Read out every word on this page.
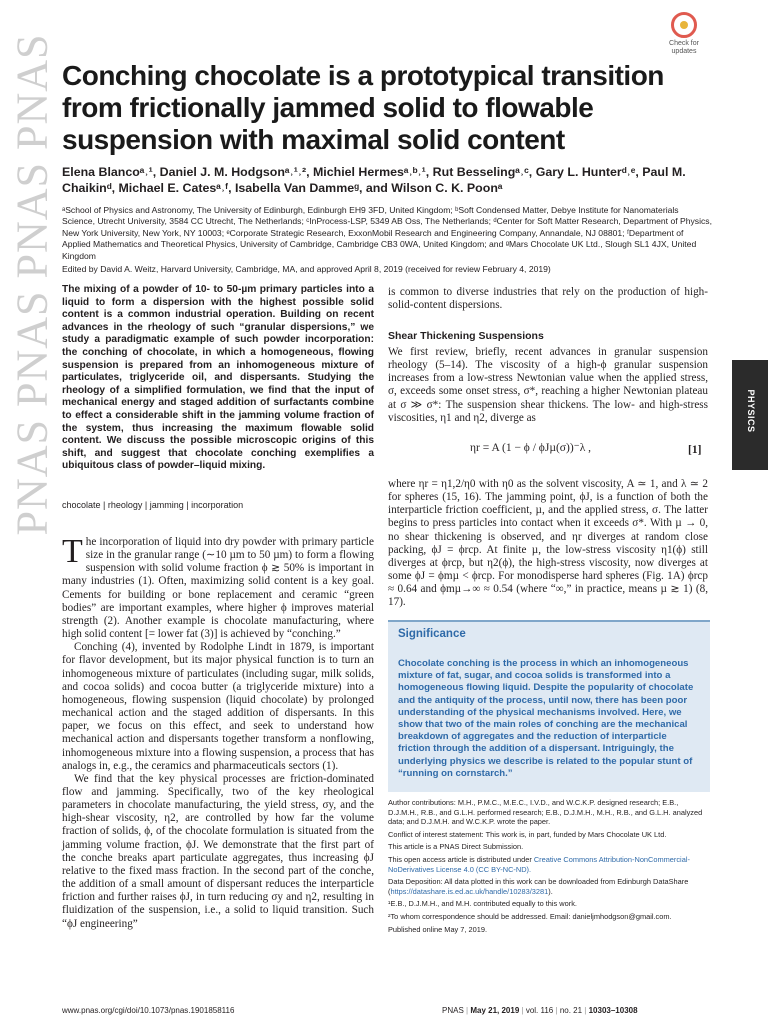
PNAS PNAS PNAS PNAS	Check for updates
Conching chocolate is a prototypical transition from frictionally jammed solid to flowable suspension with maximal solid content
Elena Blancoᵃ˒¹, Daniel J. M. Hodgsonᵃ˒¹˒², Michiel Hermesᵃ˒ᵇ˒¹, Rut Besselingᵃ˒ᶜ, Gary L. Hunterᵈ˒ᵉ, Paul M. Chaikinᵈ, Michael E. Catesᵃ˒ᶠ, Isabella Van Dammeᵍ, and Wilson C. K. Poonᵃ
ᵃSchool of Physics and Astronomy, The University of Edinburgh, Edinburgh EH9 3FD, United Kingdom; ᵇSoft Condensed Matter, Debye Institute for Nanomaterials Science, Utrecht University, 3584 CC Utrecht, The Netherlands; ᶜInProcess-LSP, 5349 AB Oss, The Netherlands; ᵈCenter for Soft Matter Research, Department of Physics, New York University, New York, NY 10003; ᵉCorporate Strategic Research, ExxonMobil Research and Engineering Company, Annandale, NJ 08801; ᶠDepartment of Applied Mathematics and Theoretical Physics, University of Cambridge, Cambridge CB3 0WA, United Kingdom; and ᵍMars Chocolate UK Ltd., Slough SL1 4JX, United Kingdom
Edited by David A. Weitz, Harvard University, Cambridge, MA, and approved April 8, 2019 (received for review February 4, 2019)
The mixing of a powder of 10- to 50-µm primary particles into a liquid to form a dispersion with the highest possible solid content is a common industrial operation. Building on recent advances in the rheology of such “granular dispersions,” we study a paradigmatic example of such powder incorporation: the conching of chocolate, in which a homogeneous, flowing suspension is prepared from an inhomogeneous mixture of particulates, triglyceride oil, and dispersants. Studying the rheology of a simplified formulation, we find that the input of mechanical energy and staged addition of surfactants combine to effect a considerable shift in the jamming volume fraction of the system, thus increasing the maximum flowable solid content. We discuss the possible microscopic origins of this shift, and suggest that chocolate conching exemplifies a ubiquitous class of powder–liquid mixing.
chocolate | rheology | jamming | incorporation

The incorporation of liquid into dry powder with primary particle size in the granular range (∼10 µm to 50 µm) to form a flowing suspension with solid volume fraction ϕ ≳ 50% is important in many industries (1). Often, maximizing solid content is a key goal. Cements for building or bone replacement and ceramic “green bodies” are important examples, where higher ϕ improves material strength (2). Another example is chocolate manufacturing, where high solid content [= lower fat (3)] is achieved by “conching.”

Conching (4), invented by Rodolphe Lindt in 1879, is important for flavor development, but its major physical function is to turn an inhomogeneous mixture of particulates (including sugar, milk solids, and cocoa solids) and cocoa butter (a triglyceride mixture) into a homogeneous, flowing suspension (liquid chocolate) by prolonged mechanical action and the staged addition of dispersants. In this paper, we focus on this effect, and seek to understand how mechanical action and dispersants together transform a nonflowing, inhomogeneous mixture into a flowing suspension, a process that has analogs in, e.g., the ceramics and pharmaceuticals sectors (1).

We find that the key physical processes are friction-dominated flow and jamming. Specifically, two of the key rheological parameters in chocolate manufacturing, the yield stress, σy, and the high-shear viscosity, η2, are controlled by how far the volume fraction of solids, ϕ, of the chocolate formulation is situated from the jamming volume fraction, ϕJ. We demonstrate that the first part of the conche breaks apart particulate aggregates, thus increasing ϕJ relative to the fixed mass fraction. In the second part of the conche, the addition of a small amount of dispersant reduces the interparticle friction and further raises ϕJ, in turn reducing σy and η2, resulting in fluidization of the suspension, i.e., a solid to liquid transition. Such “ϕJ engineering”

is common to diverse industries that rely on the production of high-solid-content dispersions.
Shear Thickening Suspensions
We first review, briefly, recent advances in granular suspension rheology (5–14). The viscosity of a high-ϕ granular suspension increases from a low-stress Newtonian value when the applied stress, σ, exceeds some onset stress, σ*, reaching a higher Newtonian plateau at σ ≫ σ*: The suspension shear thickens. The low- and high-stress viscosities, η1 and η2, diverge as
ηr = A (1 − ϕ / ϕJµ(σ))⁻λ ,	[1]
where ηr = η1,2/η0 with η0 as the solvent viscosity, A ≃ 1, and λ ≃ 2 for spheres (15, 16). The jamming point, ϕJ, is a function of both the interparticle friction coefficient, µ, and the applied stress, σ. The latter begins to press particles into contact when it exceeds σ*. With µ → 0, no shear thickening is observed, and ηr diverges at random close packing, ϕJ = ϕrcp. At finite µ, the low-stress viscosity η1(ϕ) still diverges at ϕrcp, but η2(ϕ), the high-stress viscosity, now diverges at some ϕJ = ϕmµ < ϕrcp. For monodisperse hard spheres (Fig. 1A) ϕrcp ≈ 0.64 and ϕmµ→∞ ≈ 0.54 (where “∞,” in practice, means µ ≳ 1) (8, 17).
Significance
Chocolate conching is the process in which an inhomogeneous mixture of fat, sugar, and cocoa solids is transformed into a homogeneous flowing liquid. Despite the popularity of chocolate and the antiquity of the process, until now, there has been poor understanding of the physical mechanisms involved. Here, we show that two of the main roles of conching are the mechanical breakdown of aggregates and the reduction of interparticle friction through the addition of a dispersant. Intriguingly, the underlying physics we describe is related to the popular stunt of “running on cornstarch.”

Author contributions: M.H., P.M.C., M.E.C., I.V.D., and W.C.K.P. designed research; E.B., D.J.M.H., R.B., and G.L.H. performed research; E.B., D.J.M.H., M.H., R.B., and G.L.H. analyzed data; and D.J.M.H. and W.C.K.P. wrote the paper.

Conflict of interest statement: This work is, in part, funded by Mars Chocolate UK Ltd.

This article is a PNAS Direct Submission.

This open access article is distributed under Creative Commons Attribution-NonCommercial-NoDerivatives License 4.0 (CC BY-NC-ND).

Data Deposition: All data plotted in this work can be downloaded from Edinburgh DataShare (https://datashare.is.ed.ac.uk/handle/10283/3281).

¹E.B., D.J.M.H., and M.H. contributed equally to this work.

²To whom correspondence should be addressed. Email: danieljmhodgson@gmail.com.

Published online May 7, 2019.

PHYSICS
www.pnas.org/cgi/doi/10.1073/pnas.1901858116	PNAS | May 21, 2019 | vol. 116 | no. 21 | 10303–10308
